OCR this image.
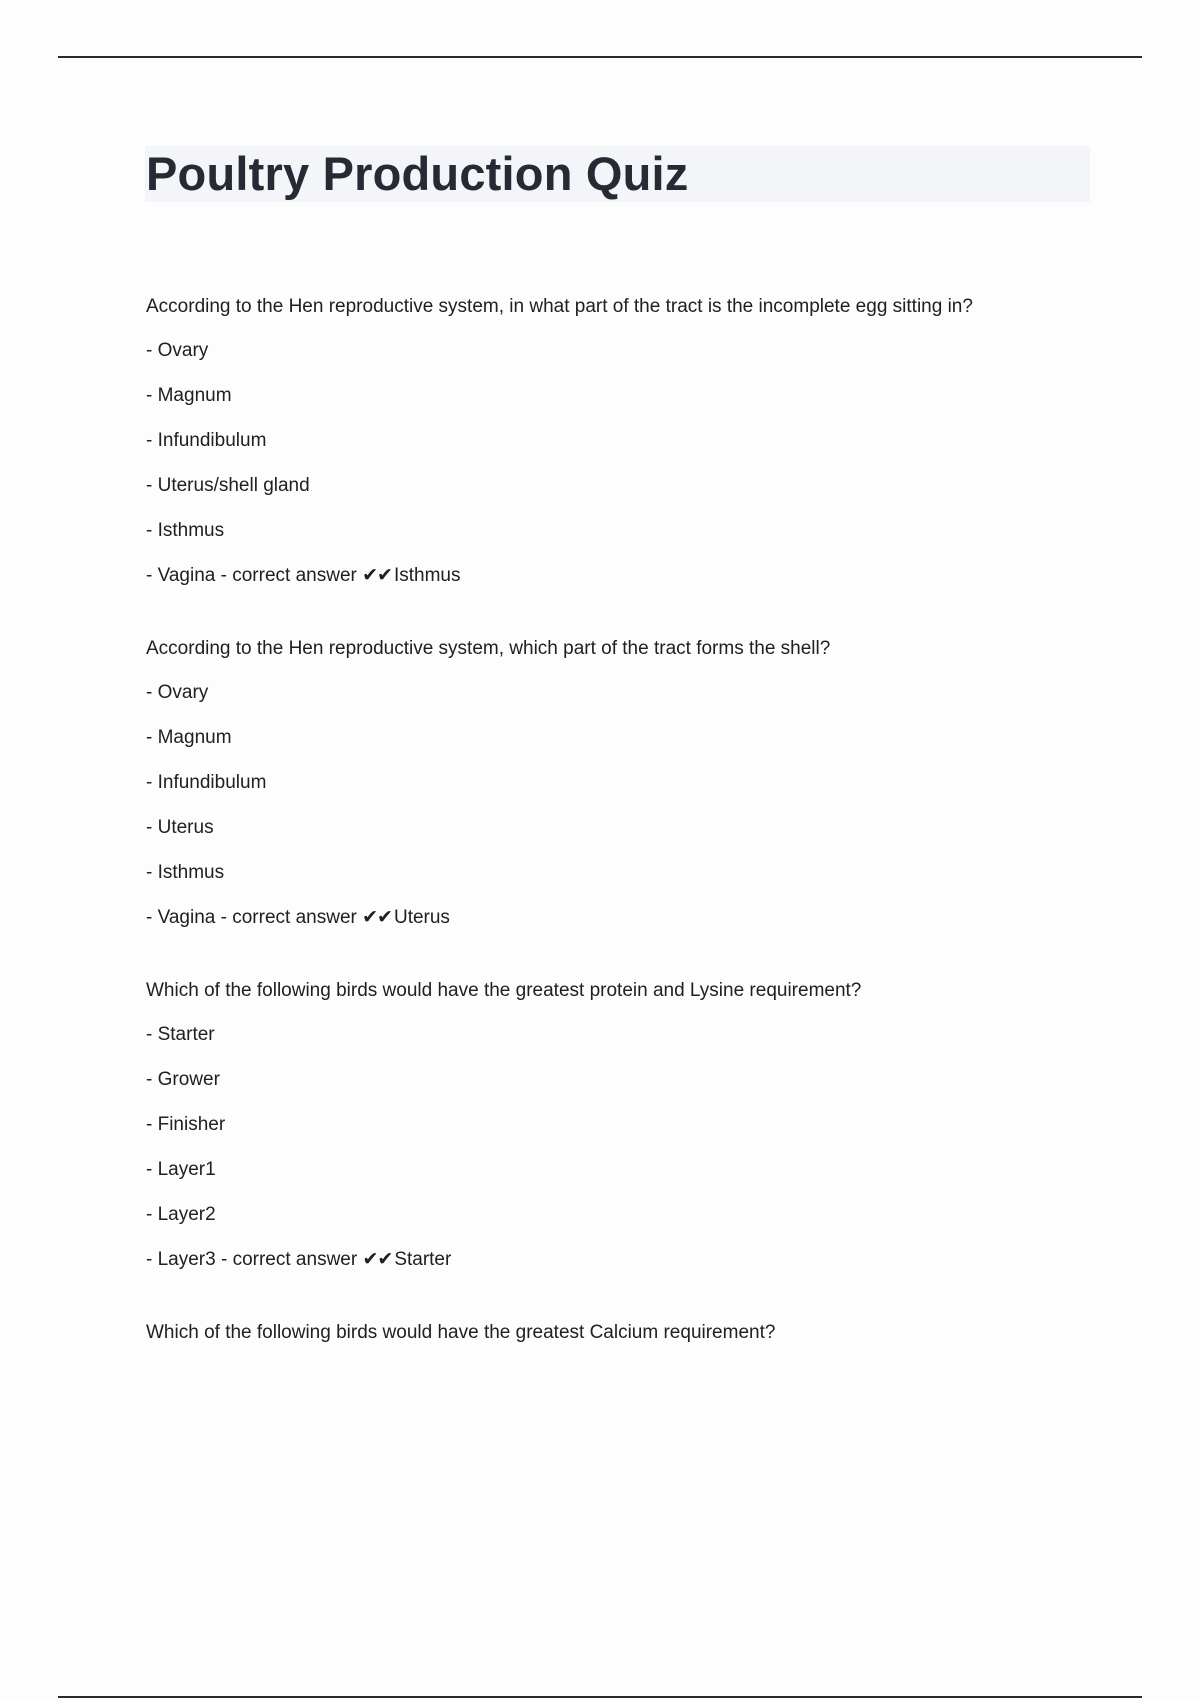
Poultry Production Quiz

According to the Hen reproductive system, in what part of the tract is the incomplete egg sitting in?

- Ovary
- Magnum
- Infundibulum
- Uterus/shell gland
- Isthmus
- Vagina - correct answer ✔✔ Isthmus

According to the Hen reproductive system, which part of the tract forms the shell?

- Ovary
- Magnum
- Infundibulum
- Uterus
- Isthmus
- Vagina - correct answer ✔✔ Uterus

Which of the following birds would have the greatest protein and Lysine requirement?

- Starter
- Grower
- Finisher
- Layer1
- Layer2
- Layer3 - correct answer ✔✔ Starter

Which of the following birds would have the greatest Calcium requirement?
